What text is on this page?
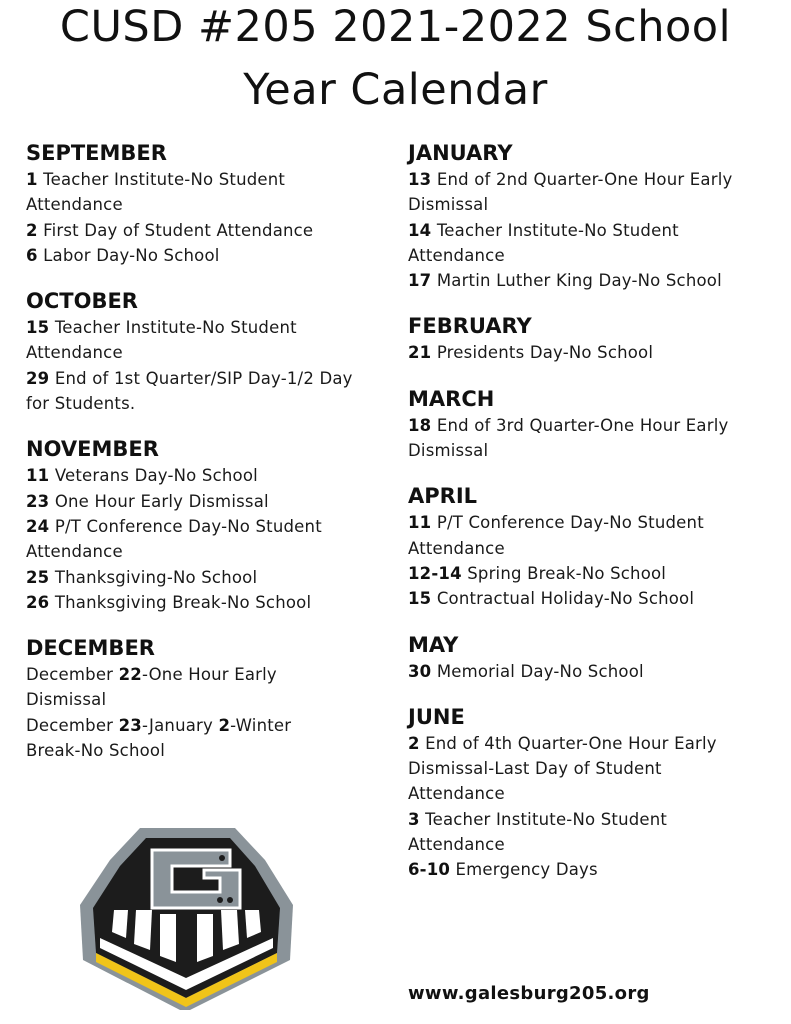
CUSD #205 2021-2022 School
Year Calendar
SEPTEMBER

1 Teacher Institute-No Student

Attendance

2 First Day of Student Attendance

6 Labor Day-No School

OCTOBER

15 Teacher Institute-No Student

Attendance

29 End of 1st Quarter/SIP Day-1/2 Day

for Students.

NOVEMBER

11 Veterans Day-No School

23 One Hour Early Dismissal

24 P/T Conference Day-No Student

Attendance

25 Thanksgiving-No School

26 Thanksgiving Break-No School

DECEMBER

December 22-One Hour Early

Dismissal

December 23-January 2-Winter

Break-No School

JANUARY

13 End of 2nd Quarter-One Hour Early

Dismissal

14 Teacher Institute-No Student

Attendance

17 Martin Luther King Day-No School

FEBRUARY

21 Presidents Day-No School

MARCH

18 End of 3rd Quarter-One Hour Early

Dismissal

APRIL

11 P/T Conference Day-No Student

Attendance

12-14 Spring Break-No School

15 Contractual Holiday-No School

MAY

30 Memorial Day-No School

JUNE

2 End of 4th Quarter-One Hour Early

Dismissal-Last Day of Student

Attendance

3 Teacher Institute-No Student

Attendance

6-10 Emergency Days

www.galesburg205.org
